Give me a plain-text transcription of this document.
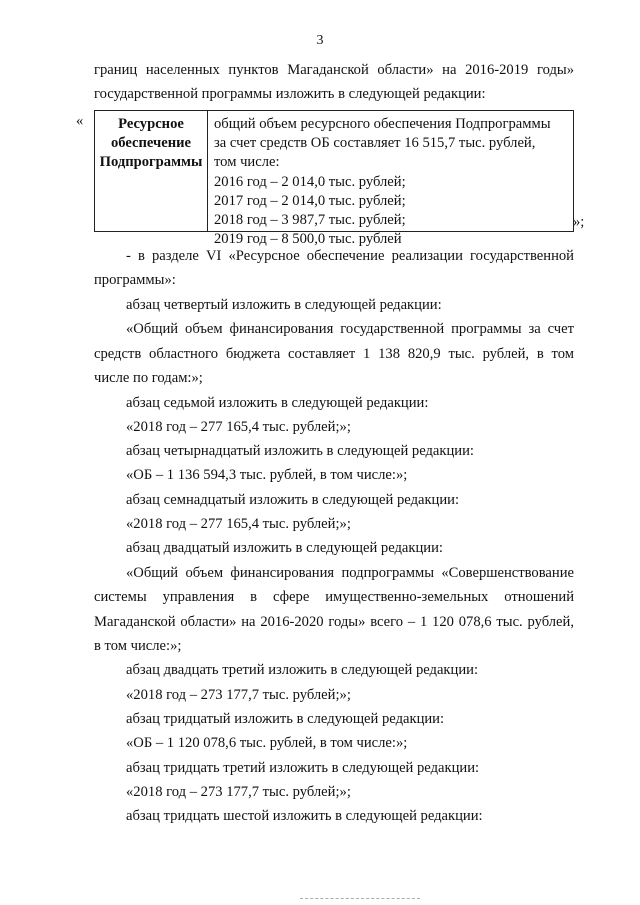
3
границ населенных пунктов Магаданской области» на 2016-2019 годы»
государственной программы изложить в следующей редакции:
«	Ресурсное
обеспечение
Подпрограммы
общий объем ресурсного обеспечения Подпрограммы
за счет средств ОБ составляет 16 515,7 тыс. рублей,
том числе:
2016 год – 2 014,0 тыс. рублей;
2017 год – 2 014,0 тыс. рублей;
2018 год – 3 987,7 тыс. рублей;
2019 год – 8 500,0 тыс. рублей
»;
- в разделе VI «Ресурсное обеспечение реализации государственной
программы»:
абзац четвертый изложить в следующей редакции:
«Общий объем финансирования государственной программы за счет
средств областного бюджета составляет 1 138 820,9 тыс. рублей, в том
числе по годам:»;
абзац седьмой изложить в следующей редакции:
«2018 год – 277 165,4 тыс. рублей;»;
абзац четырнадцатый изложить в следующей редакции:
«ОБ – 1 136 594,3 тыс. рублей, в том числе:»;
абзац семнадцатый изложить в следующей редакции:
«2018 год – 277 165,4 тыс. рублей;»;
абзац двадцатый изложить в следующей редакции:
«Общий объем финансирования подпрограммы «Совершенствование
системы управления в сфере имущественно-земельных отношений
Магаданской области» на 2016-2020 годы» всего – 1 120 078,6 тыс. рублей,
в том числе:»;
абзац двадцать третий изложить в следующей редакции:
«2018 год – 273 177,7 тыс. рублей;»;
абзац тридцатый изложить в следующей редакции:
«ОБ – 1 120 078,6 тыс. рублей, в том числе:»;
абзац тридцать третий изложить в следующей редакции:
«2018 год – 273 177,7 тыс. рублей;»;
абзац тридцать шестой изложить в следующей редакции:
